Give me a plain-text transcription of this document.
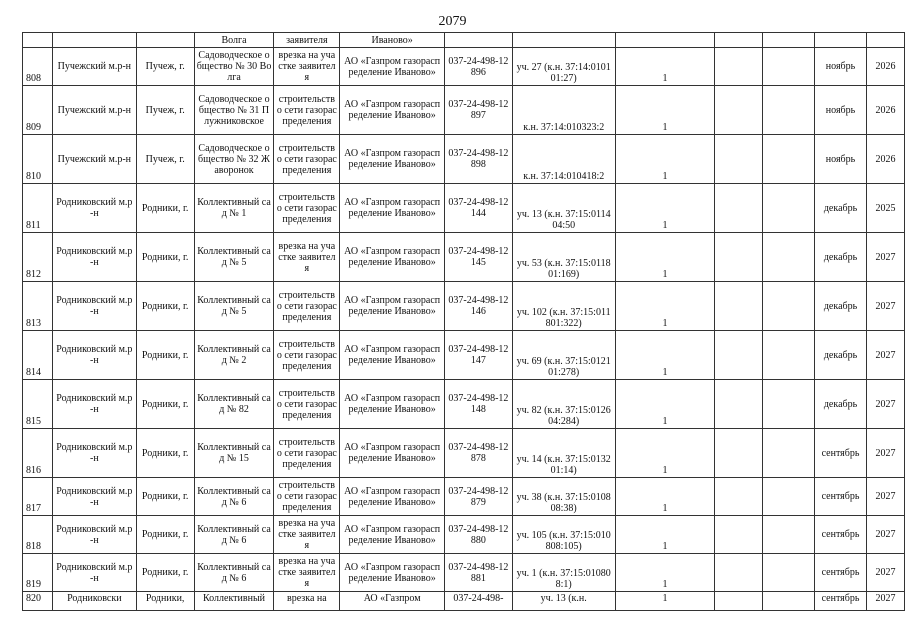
2079
			Волга	заявителя	Иваново»							
808	Пучежский м.р-н	Пучеж, г.	Садоводческое общество № 30 Волга	врезка на участке заявителя	АО «Газпром газораспределение Иваново»	037-24-498-12896	уч. 27 (к.н. 37:14:010101:27)	1			ноябрь	2026
809	Пучежский м.р-н	Пучеж, г.	Садоводческое общество № 31 Плужниковское	строительство сети газораспределения	АО «Газпром газораспределение Иваново»	037-24-498-12897	к.н. 37:14:010323:2	1			ноябрь	2026
810	Пучежский м.р-н	Пучеж, г.	Садоводческое общество № 32 Жаворонок	строительство сети газораспределения	АО «Газпром газораспределение Иваново»	037-24-498-12898	к.н. 37:14:010418:2	1			ноябрь	2026
811	Родниковский м.р-н	Родники, г.	Коллективный сад № 1	строительство сети газораспределения	АО «Газпром газораспределение Иваново»	037-24-498-12144	уч. 13 (к.н. 37:15:011404:50	1			декабрь	2025
812	Родниковский м.р-н	Родники, г.	Коллективный сад № 5	врезка на участке заявителя	АО «Газпром газораспределение Иваново»	037-24-498-12145	уч. 53 (к.н. 37:15:011801:169)	1			декабрь	2027
813	Родниковский м.р-н	Родники, г.	Коллективный сад № 5	строительство сети газораспределения	АО «Газпром газораспределение Иваново»	037-24-498-12146	уч. 102 (к.н. 37:15:011801:322)	1			декабрь	2027
814	Родниковский м.р-н	Родники, г.	Коллективный сад № 2	строительство сети газораспределения	АО «Газпром газораспределение Иваново»	037-24-498-12147	уч. 69 (к.н. 37:15:012101:278)	1			декабрь	2027
815	Родниковский м.р-н	Родники, г.	Коллективный сад № 82	строительство сети газораспределения	АО «Газпром газораспределение Иваново»	037-24-498-12148	уч. 82 (к.н. 37:15:012604:284)	1			декабрь	2027
816	Родниковский м.р-н	Родники, г.	Коллективный сад № 15	строительство сети газораспределения	АО «Газпром газораспределение Иваново»	037-24-498-12878	уч. 14 (к.н. 37:15:013201:14)	1			сентябрь	2027
817	Родниковский м.р-н	Родники, г.	Коллективный сад № 6	строительство сети газораспределения	АО «Газпром газораспределение Иваново»	037-24-498-12879	уч. 38 (к.н. 37:15:010808:38)	1			сентябрь	2027
818	Родниковский м.р-н	Родники, г.	Коллективный сад № 6	врезка на участке заявителя	АО «Газпром газораспределение Иваново»	037-24-498-12880	уч. 105 (к.н. 37:15:010808:105)	1			сентябрь	2027
819	Родниковский м.р-н	Родники, г.	Коллективный сад № 6	врезка на участке заявителя	АО «Газпром газораспределение Иваново»	037-24-498-12881	уч. 1 (к.н. 37:15:010808:1)	1			сентябрь	2027
820	Родниковски	Родники,	Коллективный	врезка на	АО «Газпром	037-24-498-	уч. 13 (к.н.	1			сентябрь	2027
